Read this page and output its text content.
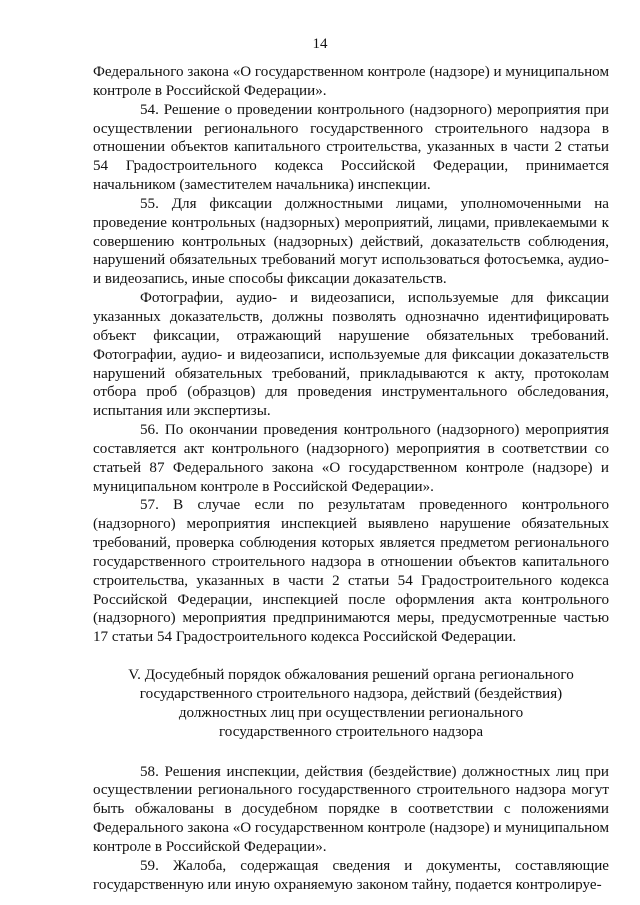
14

Федерального закона «О государственном контроле (надзоре) и муниципальном контроле в Российской Федерации».

54. Решение о проведении контрольного (надзорного) мероприятия при осуществлении регионального государственного строительного надзора в отношении объектов капитального строительства, указанных в части 2 статьи 54 Градостроительного кодекса Российской Федерации, принимается начальником (заместителем начальника) инспекции.

55. Для фиксации должностными лицами, уполномоченными на проведение контрольных (надзорных) мероприятий, лицами, привлекаемыми к совершению контрольных (надзорных) действий, доказательств соблюдения, нарушений обязательных требований могут использоваться фотосъемка, аудио- и видеозапись, иные способы фиксации доказательств.

Фотографии, аудио- и видеозаписи, используемые для фиксации указанных доказательств, должны позволять однозначно идентифицировать объект фиксации, отражающий нарушение обязательных требований. Фотографии, аудио- и видеозаписи, используемые для фиксации доказательств нарушений обязательных требований, прикладываются к акту, протоколам отбора проб (образцов) для проведения инструментального обследования, испытания или экспертизы.

56. По окончании проведения контрольного (надзорного) мероприятия составляется акт контрольного (надзорного) мероприятия в соответствии со статьей 87 Федерального закона «О государственном контроле (надзоре) и муниципальном контроле в Российской Федерации».

57. В случае если по результатам проведенного контрольного (надзорного) мероприятия инспекцией выявлено нарушение обязательных требований, проверка соблюдения которых является предметом регионального государственного строительного надзора в отношении объектов капитального строительства, указанных в части 2 статьи 54 Градостроительного кодекса Российской Федерации, инспекцией после оформления акта контрольного (надзорного) мероприятия предпринимаются меры, предусмотренные частью 17 статьи 54 Градостроительного кодекса Российской Федерации.

V. Досудебный порядок обжалования решений органа регионального
государственного строительного надзора, действий (бездействия)
должностных лиц при осуществлении регионального
государственного строительного надзора

58. Решения инспекции, действия (бездействие) должностных лиц при осуществлении регионального государственного строительного надзора могут быть обжалованы в досудебном порядке в соответствии с положениями Федерального закона «О государственном контроле (надзоре) и муниципальном контроле в Российской Федерации».

59. Жалоба, содержащая сведения и документы, составляющие государственную или иную охраняемую законом тайну, подается контролируе-
